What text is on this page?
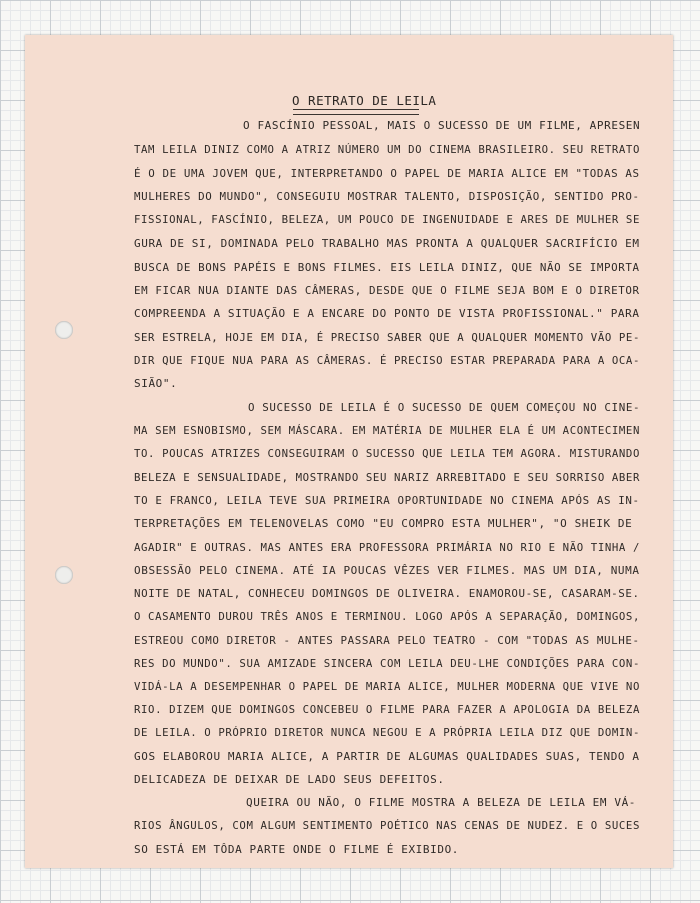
O RETRATO DE LEILA
O FASCÍNIO PESSOAL, MAIS O SUCESSO DE UM FILME, APRESEN
TAM LEILA DINIZ COMO A ATRIZ NÚMERO UM DO CINEMA BRASILEIRO. SEU RETRATO
É O DE UMA JOVEM QUE, INTERPRETANDO O PAPEL DE MARIA ALICE EM "TODAS AS
MULHERES DO MUNDO", CONSEGUIU MOSTRAR TALENTO, DISPOSIÇÃO, SENTIDO PRO-
FISSIONAL, FASCÍNIO, BELEZA, UM POUCO DE INGENUIDADE E ARES DE MULHER SE
GURA DE SI, DOMINADA PELO TRABALHO MAS PRONTA A QUALQUER SACRIFÍCIO EM
BUSCA DE BONS PAPÉIS E BONS FILMES. EIS LEILA DINIZ, QUE NÃO SE IMPORTA
EM FICAR NUA DIANTE DAS CÂMERAS, DESDE QUE O FILME SEJA BOM E O DIRETOR
COMPREENDA A SITUAÇÃO E A ENCARE DO PONTO DE VISTA PROFISSIONAL." PARA
SER ESTRELA, HOJE EM DIA, É PRECISO SABER QUE A QUALQUER MOMENTO VÃO PE-
DIR QUE FIQUE NUA PARA AS CÂMERAS. É PRECISO ESTAR PREPARADA PARA A OCA-
SIÃO".
O SUCESSO DE LEILA É O SUCESSO DE QUEM COMEÇOU NO CINE-
MA SEM ESNOBISMO, SEM MÁSCARA. EM MATÉRIA DE MULHER ELA É UM ACONTECIMEN
TO. POUCAS ATRIZES CONSEGUIRAM O SUCESSO QUE LEILA TEM AGORA. MISTURANDO
BELEZA E SENSUALIDADE, MOSTRANDO SEU NARIZ ARREBITADO E SEU SORRISO ABER
TO E FRANCO, LEILA TEVE SUA PRIMEIRA OPORTUNIDADE NO CINEMA APÓS AS IN-
TERPRETAÇÕES EM TELENOVELAS COMO "EU COMPRO ESTA MULHER", "O SHEIK DE
AGADIR" E OUTRAS. MAS ANTES ERA PROFESSORA PRIMÁRIA NO RIO E NÃO TINHA /
OBSESSÃO PELO CINEMA. ATÉ IA POUCAS VÊZES VER FILMES. MAS UM DIA, NUMA
NOITE DE NATAL, CONHECEU DOMINGOS DE OLIVEIRA. ENAMOROU-SE, CASARAM-SE.
O CASAMENTO DUROU TRÊS ANOS E TERMINOU. LOGO APÓS A SEPARAÇÃO, DOMINGOS,
ESTREOU COMO DIRETOR - ANTES PASSARA PELO TEATRO - COM "TODAS AS MULHE-
RES DO MUNDO". SUA AMIZADE SINCERA COM LEILA DEU-LHE CONDIÇÕES PARA CON-
VIDÁ-LA A DESEMPENHAR O PAPEL DE MARIA ALICE, MULHER MODERNA QUE VIVE NO
RIO. DIZEM QUE DOMINGOS CONCEBEU O FILME PARA FAZER A APOLOGIA DA BELEZA
DE LEILA. O PRÓPRIO DIRETOR NUNCA NEGOU E A PRÓPRIA LEILA DIZ QUE DOMIN-
GOS ELABOROU MARIA ALICE, A PARTIR DE ALGUMAS QUALIDADES SUAS, TENDO A
DELICADEZA DE DEIXAR DE LADO SEUS DEFEITOS.
QUEIRA OU NÃO, O FILME MOSTRA A BELEZA DE LEILA EM VÁ-
RIOS ÂNGULOS, COM ALGUM SENTIMENTO POÉTICO NAS CENAS DE NUDEZ. E O SUCES
SO ESTÁ EM TÔDA PARTE ONDE O FILME É EXIBIDO.
